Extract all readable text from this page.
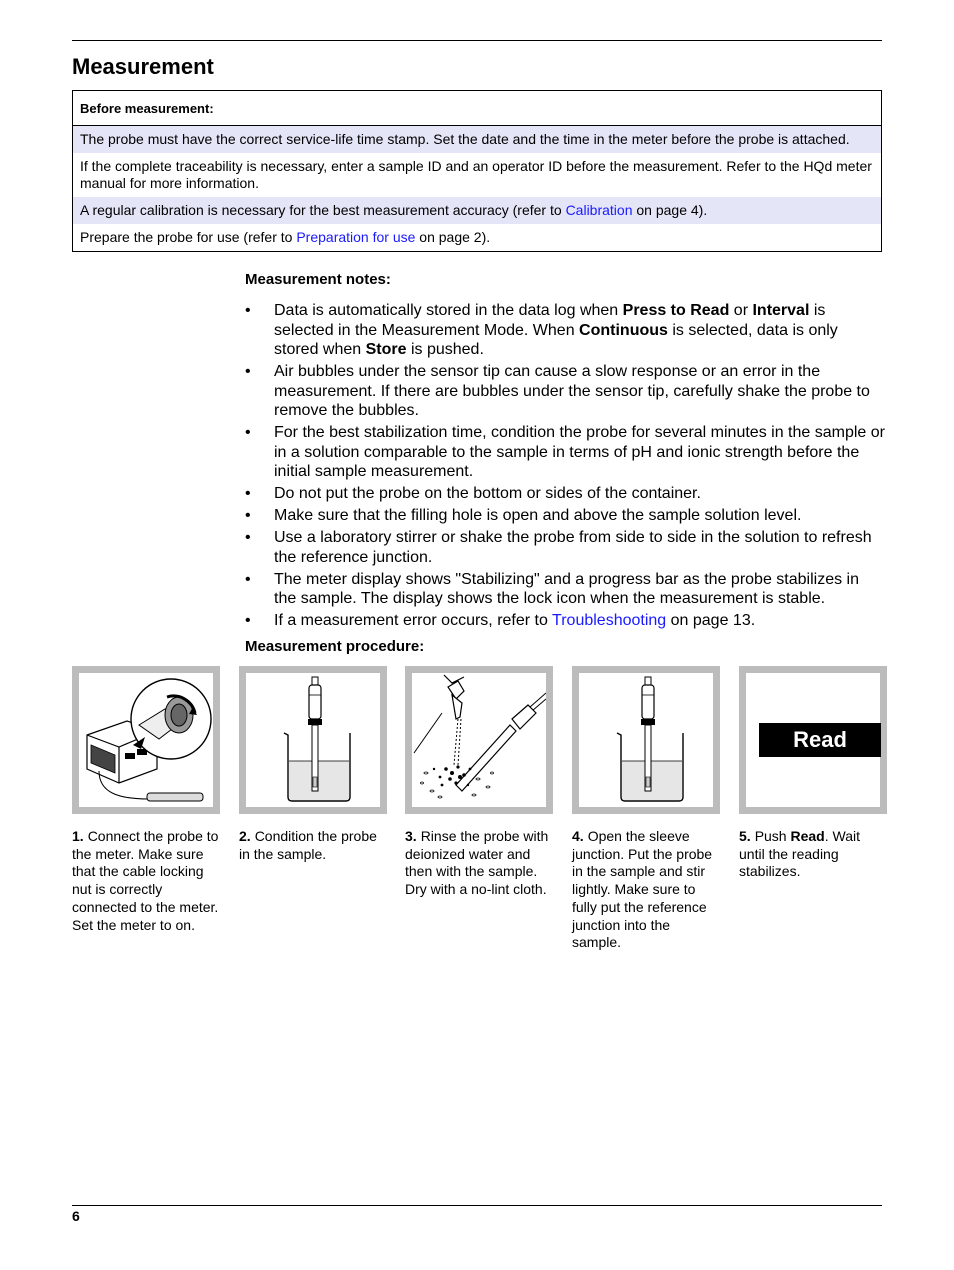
Measurement
Before measurement:
The probe must have the correct service-life time stamp. Set the date and the time in the meter before the probe is attached.
If the complete traceability is necessary, enter a sample ID and an operator ID before the measurement. Refer to the HQd meter manual for more information.
A regular calibration is necessary for the best measurement accuracy (refer to Calibration on page 4).
Prepare the probe for use (refer to Preparation for use on page 2).
Measurement notes:
• Data is automatically stored in the data log when Press to Read or Interval is selected in the Measurement Mode. When Continuous is selected, data is only stored when Store is pushed.
• Air bubbles under the sensor tip can cause a slow response or an error in the measurement. If there are bubbles under the sensor tip, carefully shake the probe to remove the bubbles.
• For the best stabilization time, condition the probe for several minutes in the sample or in a solution comparable to the sample in terms of pH and ionic strength before the initial sample measurement.
• Do not put the probe on the bottom or sides of the container.
• Make sure that the filling hole is open and above the sample solution level.
• Use a laboratory stirrer or shake the probe from side to side in the solution to refresh the reference junction.
• The meter display shows "Stabilizing" and a progress bar as the probe stabilizes in the sample. The display shows the lock icon when the measurement is stable.
• If a measurement error occurs, refer to Troubleshooting on page 13.
Measurement procedure:
Read
1. Connect the probe to the meter. Make sure that the cable locking nut is correctly connected to the meter. Set the meter to on.
2. Condition the probe in the sample.
3. Rinse the probe with deionized water and then with the sample. Dry with a no-lint cloth.
4. Open the sleeve junction. Put the probe in the sample and stir lightly. Make sure to fully put the reference junction into the sample.
5. Push Read. Wait until the reading stabilizes.
6
